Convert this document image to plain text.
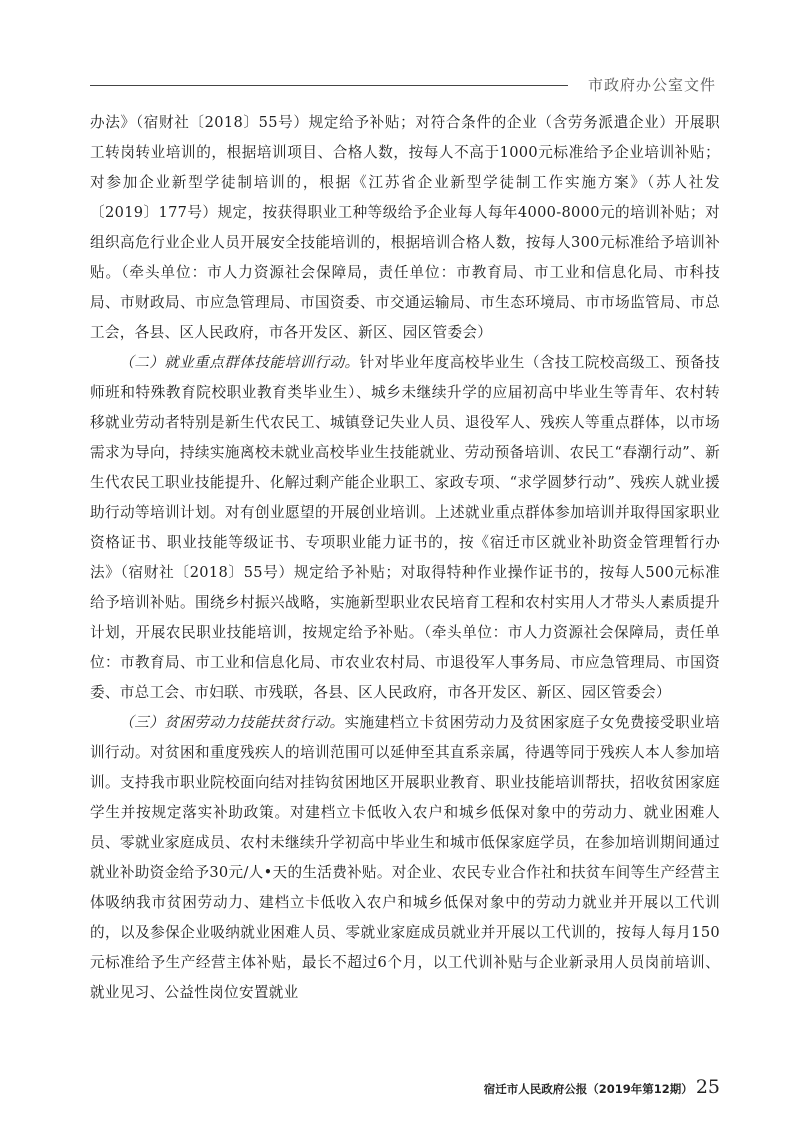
市政府办公室文件

办法》（宿财社〔2018〕55号）规定给予补贴；对符合条件的企业（含劳务派遣企业）开展职工转岗转业培训的，根据培训项目、合格人数，按每人不高于1000元标准给予企业培训补贴；对参加企业新型学徒制培训的，根据《江苏省企业新型学徒制工作实施方案》（苏人社发〔2019〕177号）规定，按获得职业工种等级给予企业每人每年4000-8000元的培训补贴；对组织高危行业企业人员开展安全技能培训的，根据培训合格人数，按每人300元标准给予培训补贴。（牵头单位：市人力资源社会保障局，责任单位：市教育局、市工业和信息化局、市科技局、市财政局、市应急管理局、市国资委、市交通运输局、市生态环境局、市市场监管局、市总工会，各县、区人民政府，市各开发区、新区、园区管委会）

（二）就业重点群体技能培训行动。针对毕业年度高校毕业生（含技工院校高级工、预备技师班和特殊教育院校职业教育类毕业生）、城乡未继续升学的应届初高中毕业生等青年、农村转移就业劳动者特别是新生代农民工、城镇登记失业人员、退役军人、残疾人等重点群体，以市场需求为导向，持续实施离校未就业高校毕业生技能就业、劳动预备培训、农民工“春潮行动”、新生代农民工职业技能提升、化解过剩产能企业职工、家政专项、“求学圆梦行动”、残疾人就业援助行动等培训计划。对有创业愿望的开展创业培训。上述就业重点群体参加培训并取得国家职业资格证书、职业技能等级证书、专项职业能力证书的，按《宿迁市区就业补助资金管理暂行办法》（宿财社〔2018〕55号）规定给予补贴；对取得特种作业操作证书的，按每人500元标准给予培训补贴。围绕乡村振兴战略，实施新型职业农民培育工程和农村实用人才带头人素质提升计划，开展农民职业技能培训，按规定给予补贴。（牵头单位：市人力资源社会保障局，责任单位：市教育局、市工业和信息化局、市农业农村局、市退役军人事务局、市应急管理局、市国资委、市总工会、市妇联、市残联，各县、区人民政府，市各开发区、新区、园区管委会）

（三）贫困劳动力技能扶贫行动。实施建档立卡贫困劳动力及贫困家庭子女免费接受职业培训行动。对贫困和重度残疾人的培训范围可以延伸至其直系亲属，待遇等同于残疾人本人参加培训。支持我市职业院校面向结对挂钩贫困地区开展职业教育、职业技能培训帮扶，招收贫困家庭学生并按规定落实补助政策。对建档立卡低收入农户和城乡低保对象中的劳动力、就业困难人员、零就业家庭成员、农村未继续升学初高中毕业生和城市低保家庭学员，在参加培训期间通过就业补助资金给予30元/人•天的生活费补贴。对企业、农民专业合作社和扶贫车间等生产经营主体吸纳我市贫困劳动力、建档立卡低收入农户和城乡低保对象中的劳动力就业并开展以工代训的，以及参保企业吸纳就业困难人员、零就业家庭成员就业并开展以工代训的，按每人每月150元标准给予生产经营主体补贴，最长不超过6个月，以工代训补贴与企业新录用人员岗前培训、就业见习、公益性岗位安置就业

宿迁市人民政府公报（2019年第12期） 25
